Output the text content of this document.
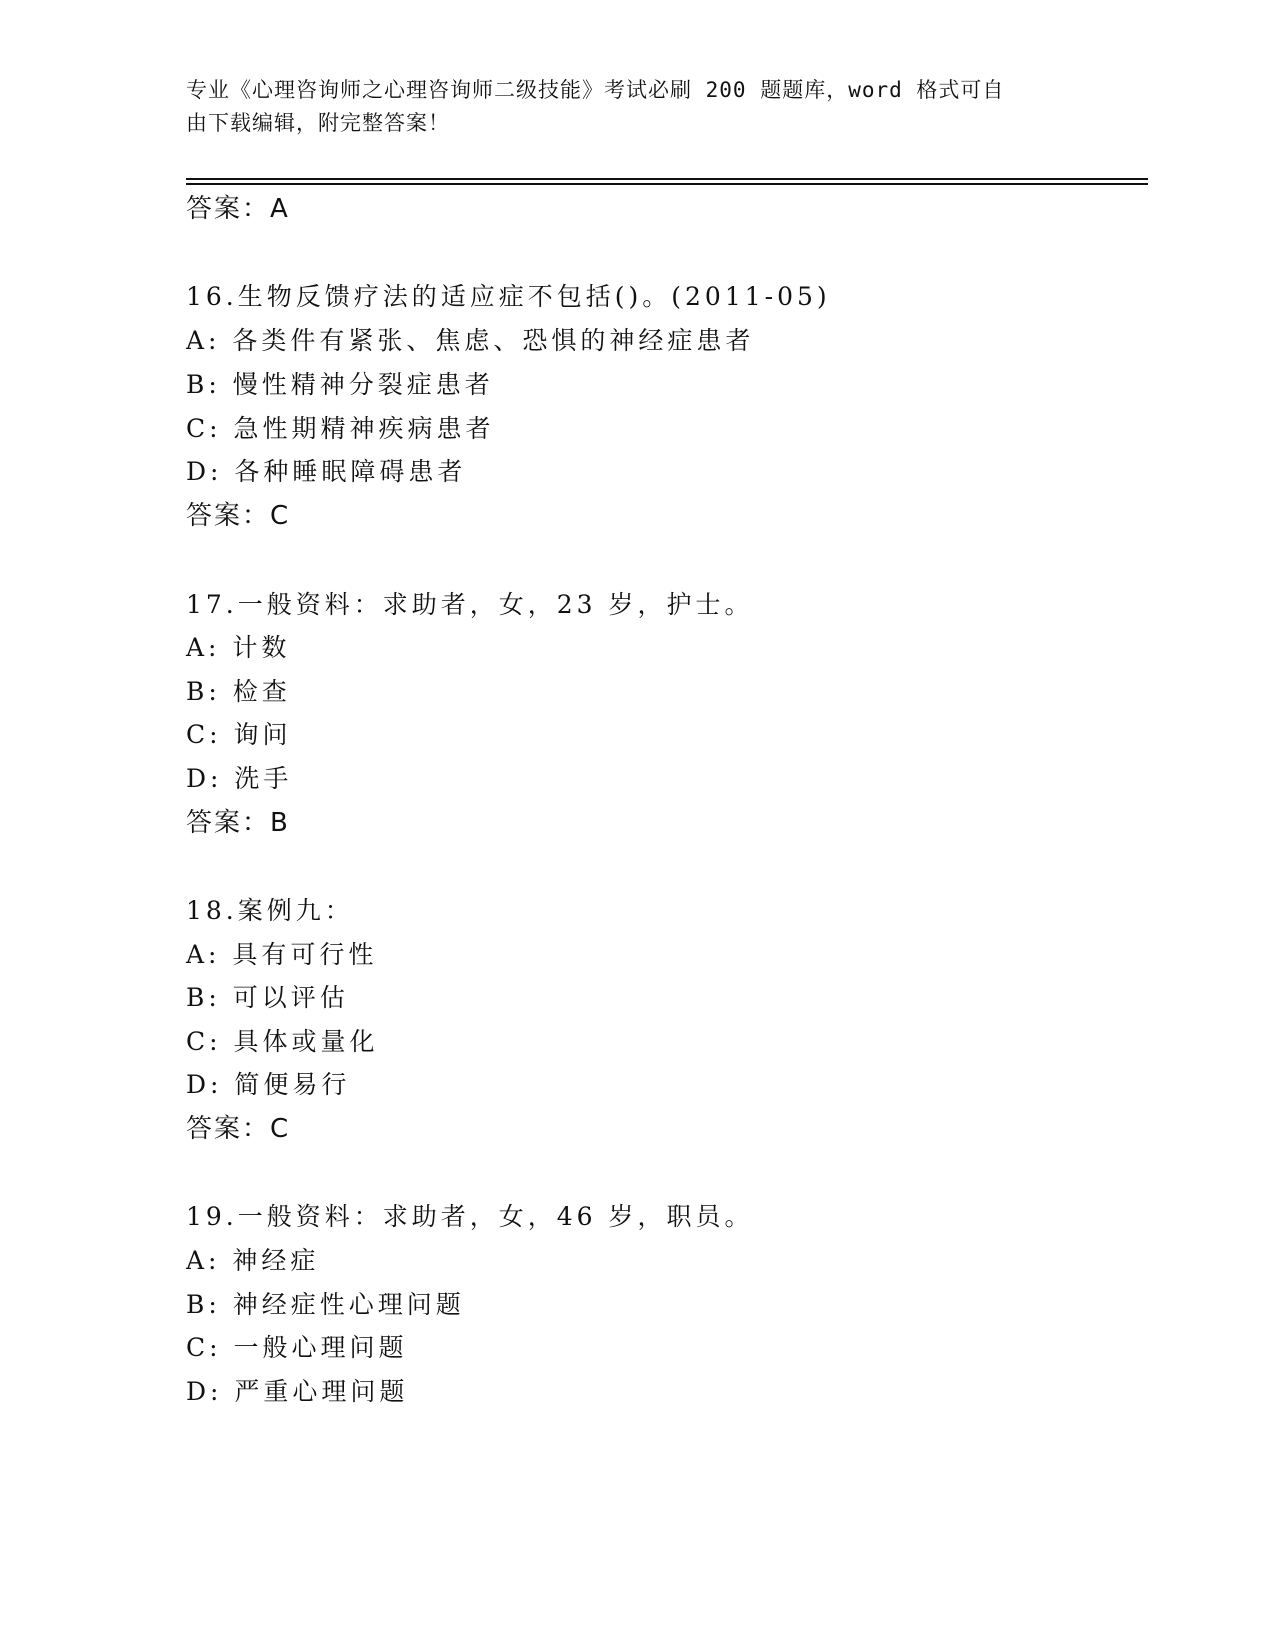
专业《心理咨询师之心理咨询师二级技能》考试必刷 200 题题库，word 格式可自
由下载编辑，附完整答案！
答案：A
16.生物反馈疗法的适应症不包括()。(2011-05)
A: 各类件有紧张、焦虑、恐惧的神经症患者
B: 慢性精神分裂症患者
C: 急性期精神疾病患者
D: 各种睡眠障碍患者
答案：C
17.一般资料：求助者，女，23 岁，护士。
A: 计数
B: 检查
C: 询问
D: 洗手
答案：B
18.案例九：
A: 具有可行性
B: 可以评估
C: 具体或量化
D: 简便易行
答案：C
19.一般资料：求助者，女，46 岁，职员。
A: 神经症
B: 神经症性心理问题
C: 一般心理问题
D: 严重心理问题
